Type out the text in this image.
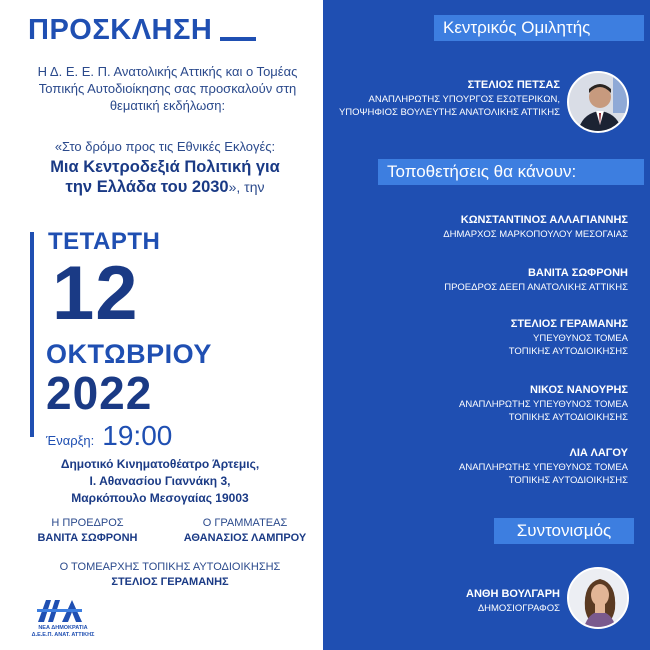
ΠΡΟΣΚΛΗΣΗ
Η Δ. Ε. Ε. Π. Ανατολικής Αττικής και ο Τομέας Τοπικής Αυτοδιοίκησης σας προσκαλούν στη θεματική εκδήλωση:
«Στο δρόμο προς τις Εθνικές Εκλογές:
Μια Κεντροδεξιά Πολιτική για
την Ελλάδα του 2030», την
ΤΕΤΑΡΤΗ
12
ΟΚΤΩΒΡΙΟΥ
2022
Έναρξη: 19:00
Δημοτικό Κινηματοθέατρο Άρτεμις,
Ι. Αθανασίου Γιαννάκη 3,
Μαρκόπουλο Μεσογαίας 19003
Η ΠΡΟΕΔΡΟΣ
ΒΑΝΙΤΑ ΣΩΦΡΟΝΗ
Ο ΓΡΑΜΜΑΤΕΑΣ
ΑΘΑΝΑΣΙΟΣ ΛΑΜΠΡΟΥ
Ο ΤΟΜΕΑΡΧΗΣ ΤΟΠΙΚΗΣ ΑΥΤΟΔΙΟΙΚΗΣΗΣ
ΣΤΕΛΙΟΣ ΓΕΡΑΜΑΝΗΣ
ΝΕΑ ΔΗΜΟΚΡΑΤΙΑ
Δ.Ε.Ε.Π. ΑΝΑΤ. ΑΤΤΙΚΗΣ
Κεντρικός Ομιλητής
ΣΤΕΛΙΟΣ ΠΕΤΣΑΣ
ΑΝΑΠΛΗΡΩΤΗΣ ΥΠΟΥΡΓΟΣ ΕΣΩΤΕΡΙΚΩΝ,
ΥΠΟΨΗΦΙΟΣ ΒΟΥΛΕΥΤΗΣ ΑΝΑΤΟΛΙΚΗΣ ΑΤΤΙΚΗΣ
Τοποθετήσεις θα κάνουν:
ΚΩΝΣΤΑΝΤΙΝΟΣ ΑΛΛΑΓΙΑΝΝΗΣ
ΔΗΜΑΡΧΟΣ ΜΑΡΚΟΠΟΥΛΟΥ ΜΕΣΟΓΑΙΑΣ
ΒΑΝΙΤΑ ΣΩΦΡΟΝΗ
ΠΡΟΕΔΡΟΣ ΔΕΕΠ ΑΝΑΤΟΛΙΚΗΣ ΑΤΤΙΚΗΣ
ΣΤΕΛΙΟΣ ΓΕΡΑΜΑΝΗΣ
ΥΠΕΥΘΥΝΟΣ ΤΟΜΕΑ
ΤΟΠΙΚΗΣ ΑΥΤΟΔΙΟΙΚΗΣΗΣ
ΝΙΚΟΣ ΝΑΝΟΥΡΗΣ
ΑΝΑΠΛΗΡΩΤΗΣ ΥΠΕΥΘΥΝΟΣ ΤΟΜΕΑ
ΤΟΠΙΚΗΣ ΑΥΤΟΔΙΟΙΚΗΣΗΣ
ΛΙΑ ΛΑΓΟΥ
ΑΝΑΠΛΗΡΩΤΗΣ ΥΠΕΥΘΥΝΟΣ ΤΟΜΕΑ
ΤΟΠΙΚΗΣ ΑΥΤΟΔΙΟΙΚΗΣΗΣ
Συντονισμός
ΑΝΘΗ ΒΟΥΛΓΑΡΗ
ΔΗΜΟΣΙΟΓΡΑΦΟΣ
